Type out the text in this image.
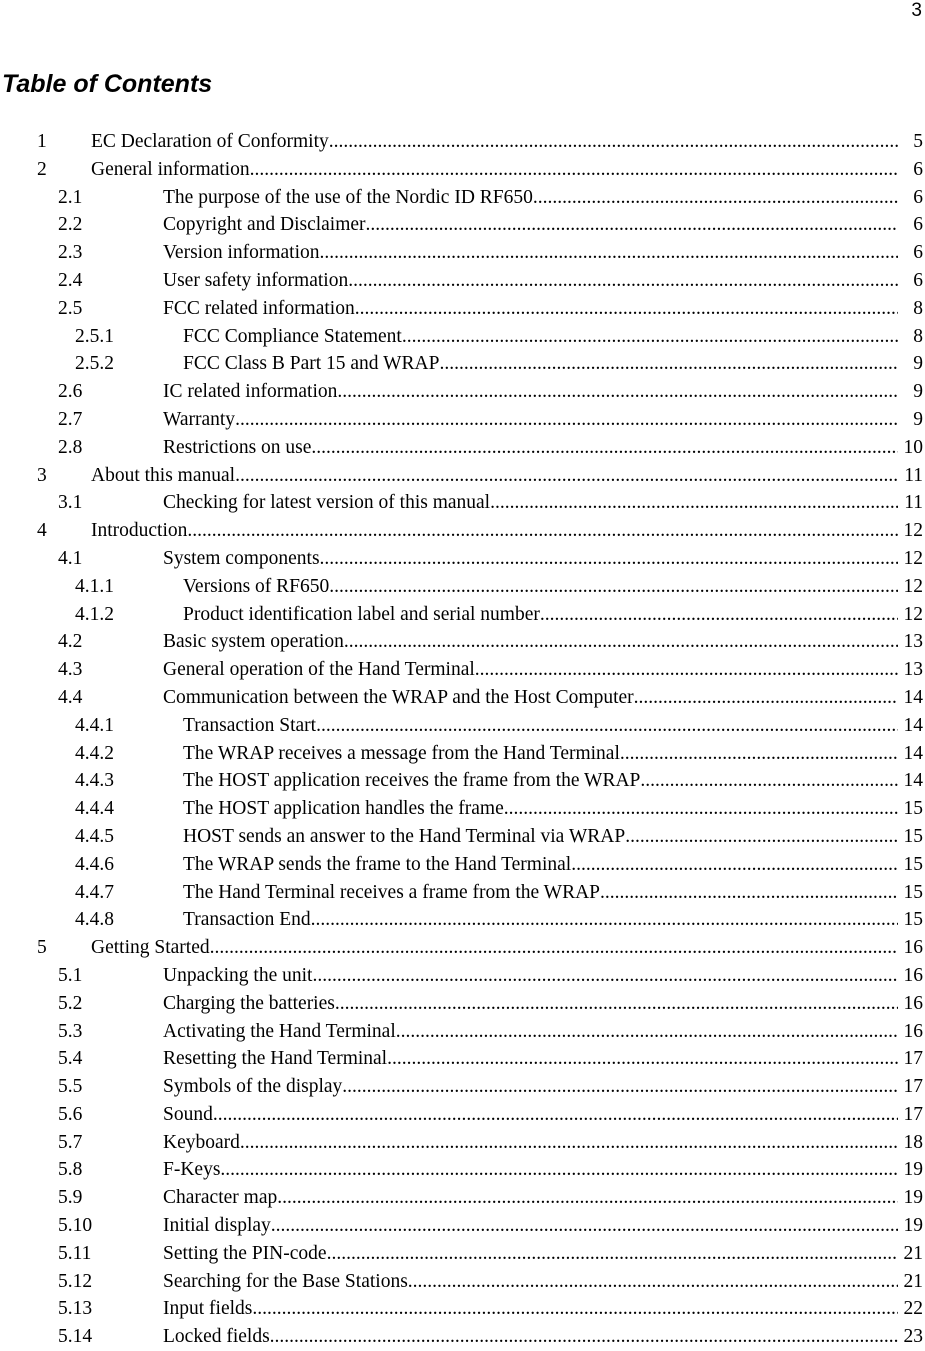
3
Table of Contents
1 EC Declaration of Conformity .....	5
2 General information .....	6
2.1	The purpose of the use of the Nordic ID RF650 .....	6
2.2	Copyright and Disclaimer .....	6
2.3	Version information .....	6
2.4	User safety information .....	6
2.5	FCC related information .....	8
2.5.1	FCC Compliance Statement .....	8
2.5.2	FCC Class B Part 15 and WRAP .....	9
2.6	IC related information .....	9
2.7	Warranty .....	9
2.8	Restrictions on use .....	10
3 About this manual .....	11
3.1	Checking for latest version of this manual .....	11
4 Introduction .....	12
4.1	System components .....	12
4.1.1	Versions of RF650 .....	12
4.1.2	Product identification label and serial number .....	12
4.2	Basic system operation .....	13
4.3	General operation of the Hand Terminal .....	13
4.4	Communication between the WRAP and the Host Computer .....	14
4.4.1	Transaction Start .....	14
4.4.2	The WRAP receives a message from the Hand Terminal .....	14
4.4.3	The HOST application receives the frame from the WRAP .....	14
4.4.4	The HOST application handles the frame .....	15
4.4.5	HOST sends an answer to the Hand Terminal via WRAP .....	15
4.4.6	The WRAP sends the frame to the Hand Terminal .....	15
4.4.7	The Hand Terminal receives a frame from the WRAP .....	15
4.4.8	Transaction End .....	15
5 Getting Started .....	16
5.1	Unpacking the unit .....	16
5.2	Charging the batteries .....	16
5.3	Activating the Hand Terminal .....	16
5.4	Resetting the Hand Terminal .....	17
5.5	Symbols of the display .....	17
5.6	Sound .....	17
5.7	Keyboard .....	18
5.8	F-Keys .....	19
5.9	Character map .....	19
5.10	Initial display .....	19
5.11	Setting the PIN-code .....	21
5.12	Searching for the Base Stations .....	21
5.13	Input fields .....	22
5.14	Locked fields .....	23
